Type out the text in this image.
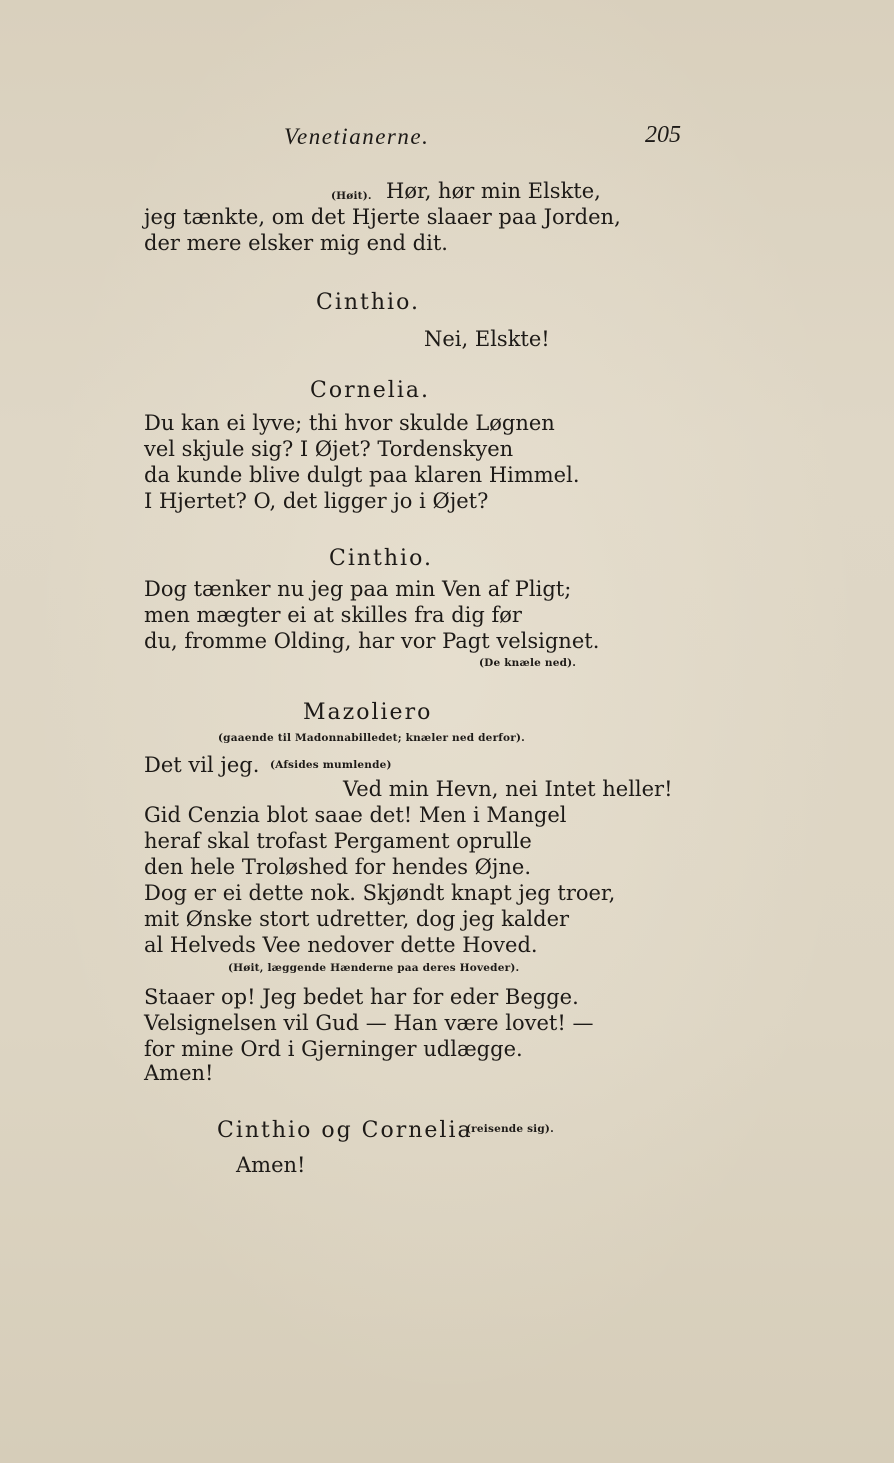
Venetianerne.	205
(Høit). Hør, hør min Elskte,
jeg tænkte, om det Hjerte slaaer paa Jorden,
der mere elsker mig end dit.
Cinthio.
Nei, Elskte!
Cornelia.
Du kan ei lyve; thi hvor skulde Løgnen
vel skjule sig? I Øjet? Tordenskyen
da kunde blive dulgt paa klaren Himmel.
I Hjertet? O, det ligger jo i Øjet?
Cinthio.
Dog tænker nu jeg paa min Ven af Pligt;
men mægter ei at skilles fra dig før
du, fromme Olding, har vor Pagt velsignet.
(De knæle ned).
Mazoliero
(gaaende til Madonnabilledet; knæler ned derfor).
Det vil jeg. (Afsides mumlende)
Ved min Hevn, nei Intet heller!
Gid Cenzia blot saae det! Men i Mangel
heraf skal trofast Pergament oprulle
den hele Troløshed for hendes Øjne.
Dog er ei dette nok. Skjøndt knapt jeg troer,
mit Ønske stort udretter, dog jeg kalder
al Helveds Vee nedover dette Hoved.
(Høit, læggende Hænderne paa deres Hoveder).
Staaer op! Jeg bedet har for eder Begge.
Velsignelsen vil Gud — Han være lovet! —
for mine Ord i Gjerninger udlægge.
Amen!
Cinthio og Cornelia
(reisende sig).
Amen!
